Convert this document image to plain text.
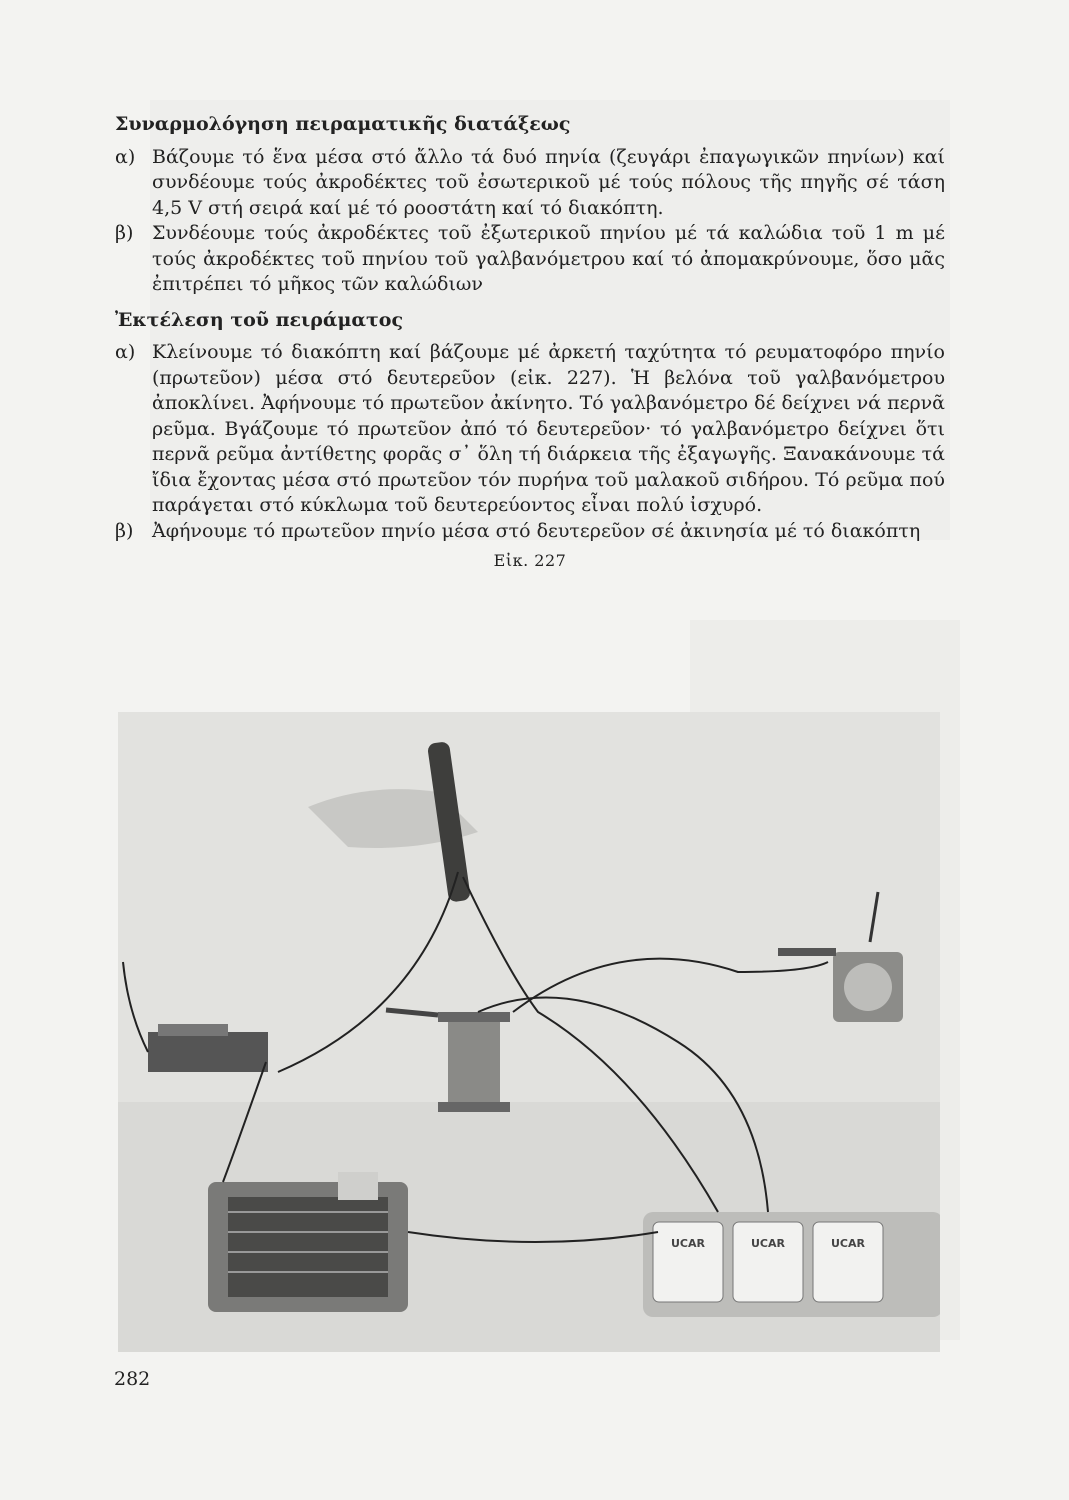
Συναρμολόγηση πειραματικῆς διατάξεως
α) Βάζουμε τό ἕνα μέσα στό ἄλλο τά δυό πηνία (ζευγάρι ἐπαγωγικῶν πηνίων) καί συνδέουμε τούς ἀκροδέκτες τοῦ ἐσωτερικοῦ μέ τούς πόλους τῆς πηγῆς σέ τάση 4,5 V στή σειρά καί μέ τό ροοστάτη καί τό διακόπτη.
β) Συνδέουμε τούς ἀκροδέκτες τοῦ ἐξωτερικοῦ πηνίου μέ τά καλώδια τοῦ 1 m μέ τούς ἀκροδέκτες τοῦ πηνίου τοῦ γαλβανόμετρου καί τό ἀπομακρύνουμε, ὅσο μᾶς ἐπιτρέπει τό μῆκος τῶν καλώδιων
Ἐκτέλεση τοῦ πειράματος
α) Κλείνουμε τό διακόπτη καί βάζουμε μέ ἀρκετή ταχύτητα τό ρευματοφόρο πηνίο (πρωτεῦον) μέσα στό δευτερεῦον (εἰκ. 227). Ἡ βελόνα τοῦ γαλβανόμετρου ἀποκλίνει. Ἀφήνουμε τό πρωτεῦον ἀκίνητο. Τό γαλβανόμετρο δέ δείχνει νά περνᾶ ρεῦμα. Βγάζουμε τό πρωτεῦον ἀπό τό δευτερεῦον· τό γαλβανόμετρο δείχνει ὅτι περνᾶ ρεῦμα ἀντίθετης φορᾶς σ᾽ ὅλη τή διάρκεια τῆς ἐξαγωγῆς. Ξανακάνουμε τά ἴδια ἔχοντας μέσα στό πρωτεῦον τόν πυρήνα τοῦ μαλακοῦ σιδήρου. Τό ρεῦμα πού παράγεται στό κύκλωμα τοῦ δευτερεύοντος εἶναι πολύ ἰσχυρό.
β) Ἀφήνουμε τό πρωτεῦον πηνίο μέσα στό δευτερεῦον σέ ἀκινησία μέ τό διακόπτη
Εἰκ. 227
UCAR	UCAR	UCAR
282
